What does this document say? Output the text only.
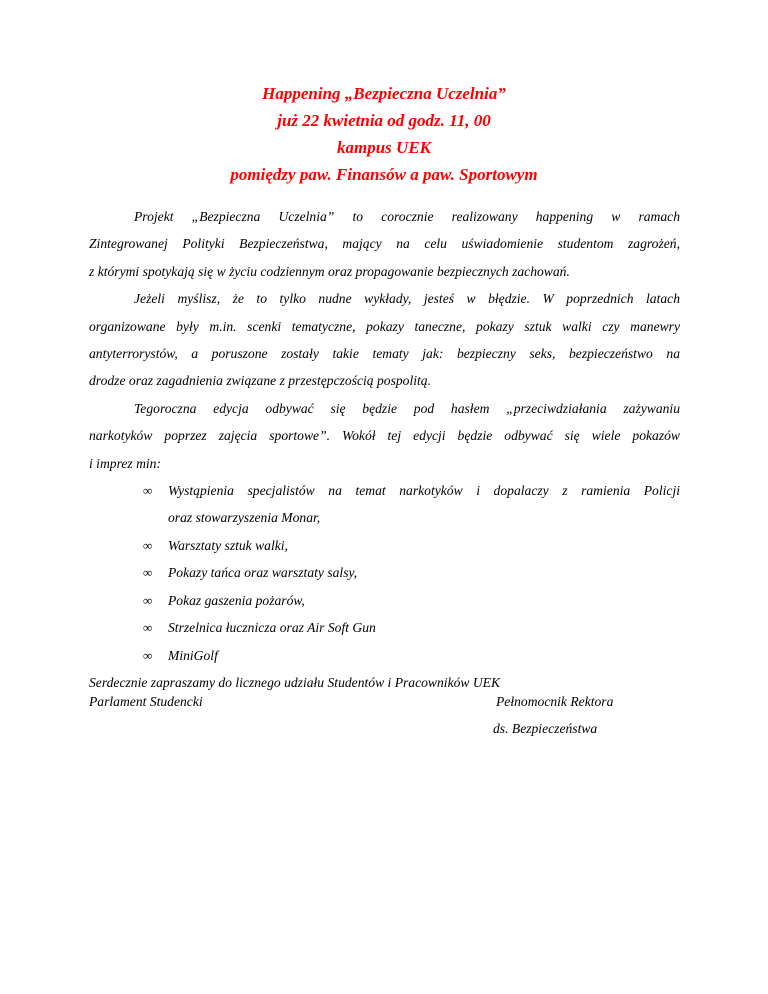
Happening „Bezpieczna Uczelnia”
już 22 kwietnia od godz. 11, 00
kampus UEK
pomiędzy paw. Finansów a paw. Sportowym

Projekt „Bezpieczna Uczelnia” to corocznie realizowany happening w ramach
Zintegrowanej Polityki Bezpieczeństwa, mający na celu uświadomienie studentom zagrożeń,
z którymi spotykają się w życiu codziennym oraz propagowanie bezpiecznych zachowań.

Jeżeli myślisz, że to tylko nudne wykłady, jesteś w błędzie. W poprzednich latach
organizowane były m.in. scenki tematyczne, pokazy taneczne, pokazy sztuk walki czy manewry
antyterrorystów, a poruszone zostały takie tematy jak: bezpieczny seks, bezpieczeństwo na
drodze oraz zagadnienia związane z przestępczością pospolitą.

Tegoroczna edycja odbywać się będzie pod hasłem „przeciwdziałania zażywaniu
narkotyków poprzez zajęcia sportowe”. Wokół tej edycji będzie odbywać się wiele pokazów
i imprez min:

∞ Wystąpienia specjalistów na temat narkotyków i dopalaczy z ramienia Policji
oraz stowarzyszenia Monar,
∞ Warsztaty sztuk walki,
∞ Pokazy tańca oraz warsztaty salsy,
∞ Pokaz gaszenia pożarów,
∞ Strzelnica łucznicza oraz Air Soft Gun
∞ MiniGolf

Serdecznie zapraszamy do licznego udziału Studentów i Pracowników UEK

Parlament Studencki	Pełnomocnik Rektora
ds. Bezpieczeństwa
